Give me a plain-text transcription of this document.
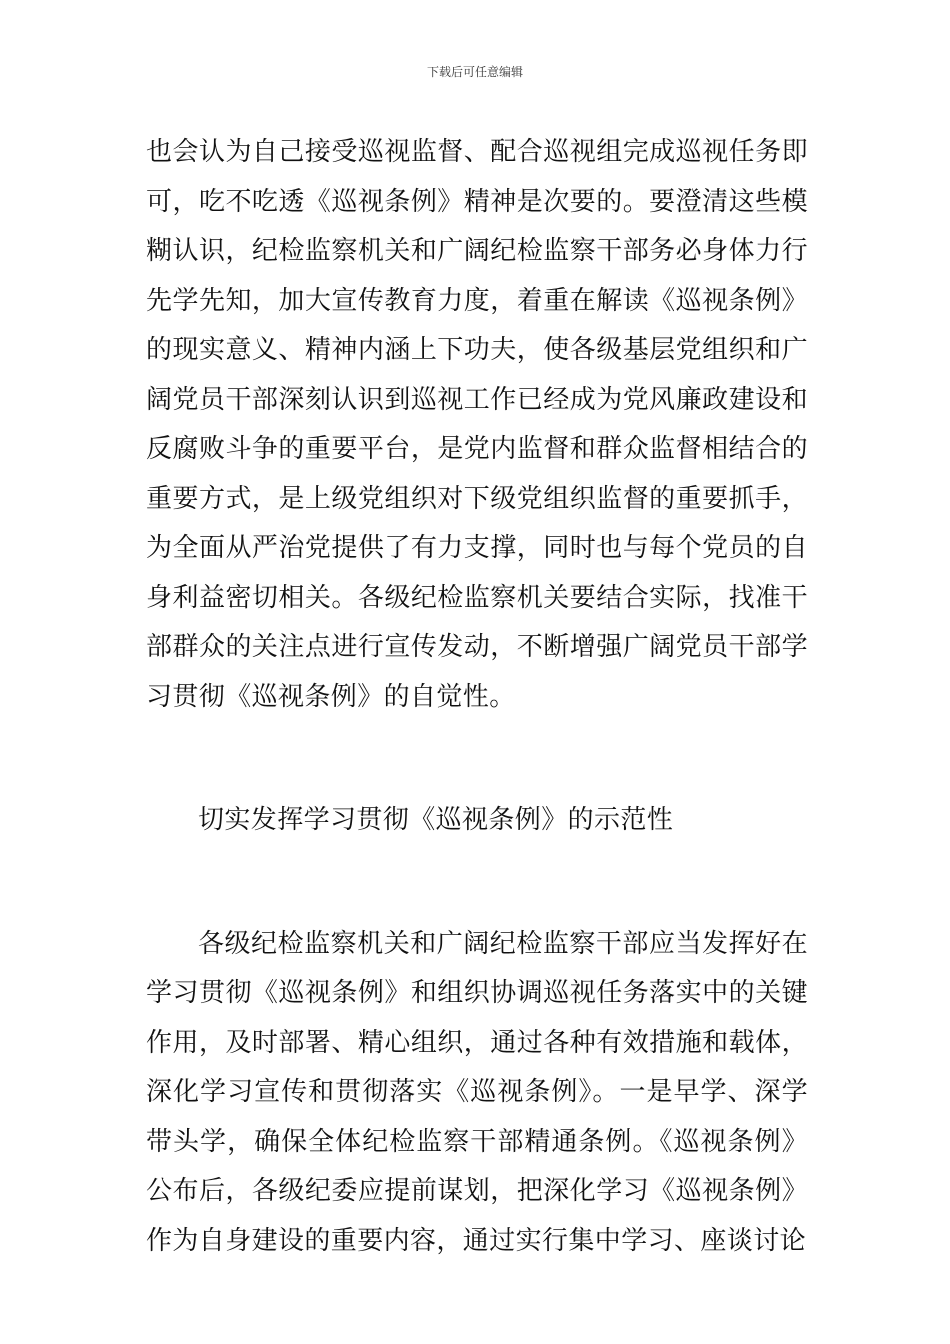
下载后可任意编辑

也会认为自己接受巡视监督、配合巡视组完成巡视任务即可，吃不吃透《巡视条例》精神是次要的。要澄清这些模糊认识，纪检监察机关和广阔纪检监察干部务必身体力行先学先知，加大宣传教育力度，着重在解读《巡视条例》的现实意义、精神内涵上下功夫，使各级基层党组织和广阔党员干部深刻认识到巡视工作已经成为党风廉政建设和反腐败斗争的重要平台，是党内监督和群众监督相结合的重要方式，是上级党组织对下级党组织监督的重要抓手，为全面从严治党提供了有力支撑，同时也与每个党员的自身利益密切相关。各级纪检监察机关要结合实际，找准干部群众的关注点进行宣传发动，不断增强广阔党员干部学习贯彻《巡视条例》的自觉性。

切实发挥学习贯彻《巡视条例》的示范性

各级纪检监察机关和广阔纪检监察干部应当发挥好在学习贯彻《巡视条例》和组织协调巡视任务落实中的关键作用，及时部署、精心组织，通过各种有效措施和载体，深化学习宣传和贯彻落实《巡视条例》。一是早学、深学带头学，确保全体纪检监察干部精通条例。《巡视条例》公布后，各级纪委应提前谋划，把深化学习《巡视条例》作为自身建设的重要内容，通过实行集中学习、座谈讨论
